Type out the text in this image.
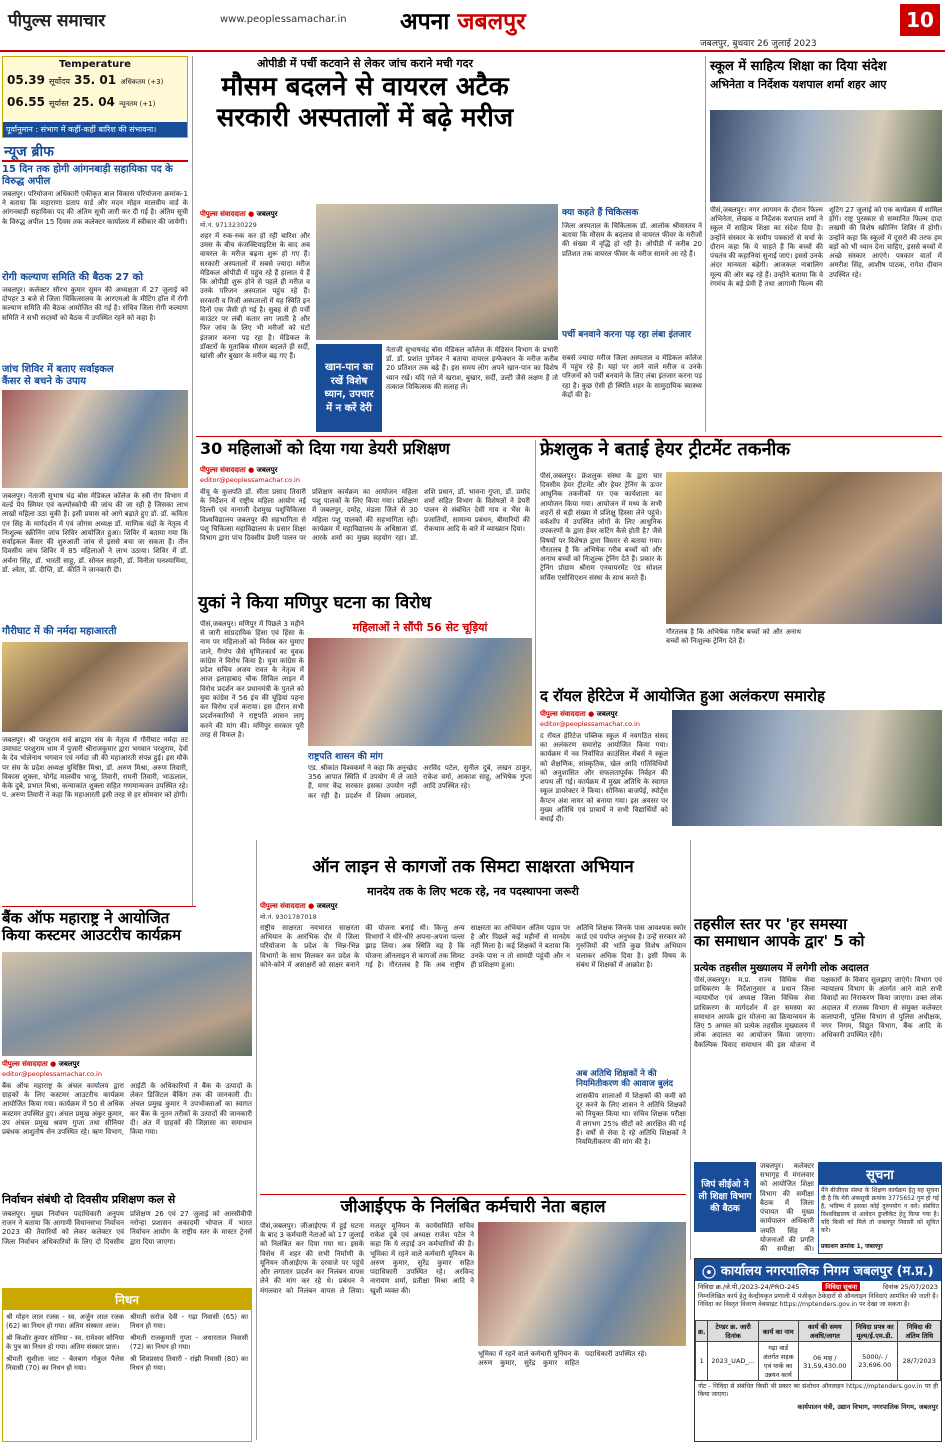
पीपुल्स समाचार	www.peoplessamachar.in अपना जबलपुर	10
जबलपुर, बुधवार 26 जुलाई 2023
Temperature
05.39 सूर्योदय 35. 01 अधिकतम (+3)
06.55 सूर्यास्त 25. 04 न्यूनतम (+1)
पूर्वानुमान : संभाग में कहीं-कहीं बारिश की संभावना।
न्यूज ब्रीफ
15 दिन तक होगी आंगनबाड़ी सहायिका पद के विरुद्ध अपील
जबलपुर। परियोजना अधिकारी एकीकृत बाल विकास परियोजना क्रमांक-1 ने बताया कि महाराणा प्रताप वार्ड और मदन मोहन मालवीय वार्ड के आंगनबाड़ी सहायिका पद की अंतिम सूची जारी कर दी गई है। अंतिम सूची के विरुद्ध अपील 15 दिवस तक कलेक्टर कार्यालय में स्वीकार की जायेगी।
रोगी कल्याण समिति की बैठक 27 को
जबलपुर। कलेक्टर सौरभ कुमार सुमन की अध्यक्षता में 27 जुलाई को दोपहर 3 बजे से जिला चिकित्सालय के आरएमओ के मीटिंग हॉल में रोगी कल्याण समिति की बैठक आयोजित की गई है। संचिव जिला रोगी कल्याण समिति ने सभी सदस्यों को बैठक में उपस्थित रहने को कहा है।
जांच शिविर में बताए सर्वाइकल
कैंसर से बचने के उपाय
जबलपुर। नेताजी सुभाष चंद्र बोस मेडिकल कॉलेज के स्त्री रोग विभाग में वर्ल्ड पेप स्मियर एवं कल्पोस्कोपी की जांच की जा रही है जिसका लाभ लाखों महिला उठा चुकी हैं। इसी प्रयास को आगे बढ़ाते हुए डॉ. डॉ. कविता एन सिंह के मार्गदर्शन में एवं जोगस अध्यक्ष डॉ. माणिक चंद्रों के नेतृत्व में निःशुल्क स्क्रीनिंग जांच शिविर आयोजित हुआ। शिविर में बताया गया कि सर्वाइकल कैंसर की शुरुआती जांच से इससे बचा जा सकता है। तीन दिवसीय जांच शिविर में 85 महिलाओं ने लाभ उठाया। शिविर में डॉ. अर्चना सिंह, डॉ. भारती साहू, डॉ. सोनल साहनी, डॉ. विनीता घनश्यामिया, डॉ. श्वेता, डॉ. दीप्ति, डॉ. कीर्ति ने जानकारी दी।
गौरीघाट में की नर्मदा महाआरती
जबलपुर। श्री परशुराम सर्व ब्राह्मण संघ के नेतृत्व में गौरीघाट नर्मदा तट उमाघाट परशुराम धाम में पुजारी श्रीराजकुमार द्वारा भगवान परशुराम, देवों के देव भोलेनाथ भगवान एवं नर्मदा जी की महाआरती संपन्न हुई। इस मौके पर संघ के प्रदेश अध्यक्ष युधिष्ठिर मिश्रा, डॉ. अरुण मिश्रा, अरुण तिवारी, विकास शुक्ला, योगेंद्र मालवीय भाजु, तिवारी, रामनी तिवारी, भाऊलाल, केके दुबे, प्रभात मिश्रा, कन्याकांत शुक्ला सहित गणमान्यजन उपस्थित रहे। पं. अरुण तिवारी ने कहा कि महाआरती इसी तरह से हर सोमवार को होगी।
ओपीडी में पर्ची कटवाने से लेकर जांच कराने मची गदर
मौसम बदलने से वायरल अटैक
सरकारी अस्पतालों में बढ़े मरीज
पीपुल्स संवाददाता ● जबलपुर
मो.नं. 9713230229
शहर में रुक-रुक कर हो रही बारिश और उमस के बीच कंजक्टिवाइटिस के बाद अब वायरल के मरीज बढ़ना शुरू हो गए हैं। सरकारी अस्पतालों में सबसे ज्यादा मरीज मेडिकल ओपीडी में पहुंच रहे हैं हालात ये हैं कि ओपीडी शुरू होने से पहले ही मरीज व उनके परिजन अस्पताल पहुंच रहे हैं। सरकारी व निजी अस्पतालों में यह स्थिति इन दिनों एक जैसी हो गई है। सुबह से ही पर्ची काउंटर पर लंबी कतार लग जाती है और फिर जांच के लिए भी मरीजों को घंटों इंतजार करना पड़ रहा है। मेडिकल के डॉक्टरों के मुताबिक मौसम बदलते ही सर्दी, खांसी और बुखार के मरीज बढ़ गए हैं।
खान-पान का रखें विशेष ध्यान, उपचार में न करें देरी
नेताजी सुभाषचंद्र बोस मेडिकल कॉलेज के मेडिसन विभाग के प्रभारी डॉ. डॉ. प्रशांत पुणेकर ने बताया वायरल इन्फेक्शन के मरीज करीब 20 प्रतिशत तक बढ़े हैं। इस समय लोग अपने खान-पान का विशेष ध्यान रखें। यदि गले में खराश, बुखार, सर्दी, उल्टी जैसे लक्षण हैं तो तत्काल चिकित्सक की सलाह लें।
क्या कहते हैं चिकित्सक
जिला अस्पताल के चिकित्सक डॉ. आलोक श्रीवास्तव ने बताया कि मौसम के बदलाव से वायरल फीवर के मरीजों की संख्या में वृद्धि हो रही है। ओपीडी में करीब 20 प्रतिशत तक वायरल फीवर के मरीज सामने आ रहे हैं।
पर्ची बनवाने करना पड़ रहा लंबा इंतजार
सबसे ज्यादा मरीज जिला अस्पताल व मेडिकल कॉलेज में पहुंच रहे हैं। यहां पर आने वाले मरीज व उनके परिजनों को पर्ची बनवाने के लिए लंबा इंतजार करना पड़ रहा है। कुछ ऐसी ही स्थिति शहर के सामुदायिक स्वास्थ्य केंद्रों की है।
स्कूल में साहित्य शिक्षा का दिया संदेश
अभिनेता व निर्देशक यशपाल शर्मा शहर आए
पीसं,जबलपुर। नगर आगमन के दौरान फिल्म अभिनेता, लेखक व निर्देशक यशपाल शर्मा ने स्कूल में साहित्य शिक्षा का संदेश दिया है। उन्होंने संस्कार के समीप पत्रकारों से चर्चा के दौरान कहा कि ये चाहते हैं कि बच्चों की पंचतंत्र की कहानियां सुनाई जाएं। इससे उनके अंदर मानवता बढ़ेगी। आजकल नाबालिग मूल्य की ओर बढ़ रहे हैं। उन्होंने बताया कि वे रंगमंच के बड़े प्रेमी हैं तथा आगामी फिल्म की शूटिंग 27 जुलाई को एक कार्यक्रम में शामिल होंगे। राष्ट्र पुरस्कार से सम्मानित फिल्म दादा लखमी की विशेष स्क्रीनिंग शिविर में होगी। उन्होंने कहा कि स्कूलों में दूसरों की तरफ हम बड़ों को भी ध्यान देना चाहिए, इससे बच्चों में अच्छे संस्कार आएंगे। पत्रकार वार्ता में अमरीश सिंह, आशीष पाठक, रागेश दीवान उपस्थित रहे।
30 महिलाओं को दिया गया डेयरी प्रशिक्षण
पीपुल्स संवाददाता ● जबलपुर
editor@peoplessamachar.co.in
वीयू के कुलपति डॉ. सीता प्रसाद तिवारी के निर्देशन में राष्ट्रीय महिला आयोग नई दिल्ली एवं नानाजी देशमुख पशुचिकित्सा विश्वविद्यालय जबलपुर की सहभागिता से पशु चिकित्सा महाविद्यालय के प्रसार शिक्षा विभाग द्वारा पांच दिवसीय डेयरी पालन पर प्रशिक्षण कार्यक्रम का आयोजन महिला पशु पालकों के लिए किया गया। प्रशिक्षण में जबलपुर, दमोह, मंडला जिले से 30 महिला पशु पालकों की सहभागिता रही। कार्यक्रम में महाविद्यालय के अधिष्ठाता डॉ. आरके शर्मा का मुख्य सहयोग रहा। डॉ. शशि प्रधान, डॉ. भावना गुप्ता, डॉ. प्रमोद शर्मा सहित विभाग के विशेषज्ञों ने डेयरी पालन से संबंधित देसी गाय व भैंस के प्रजातियों, सामान्य प्रबंधन, बीमारियों की रोकथाम आदि के बारे में व्याख्यान दिया।
युकां ने किया मणिपुर घटना का विरोध
पीसं,जबलपुर। मणिपुर में पिछले 3 महीने से जारी सांप्रदायिक हिंसा एवं हिंसा के नाम पर महिलाओं को निर्वस्त्र कर घुमाए जाने, गैंगरेप जैसे घृणितकार्य का युवक कांग्रेस ने विरोध किया है। युवा कांग्रेस के प्रदेश सचिव अजय रावत के नेतृत्व में आज इलाहाबाद चौक सिविल लाइन में विरोध प्रदर्शन कर प्रधानमंत्री के पुतले को युवा कांग्रेस ने 56 इंच की चूड़ियां पहना कर विरोध दर्ज कराया। इस दौरान सभी प्रदर्शनकारियों ने राष्ट्रपति शासन लागू करने की मांग की। मणिपुर सरकार पूरी तरह से विफल है।
महिलाओं ने सौंपी 56 सेट चूड़ियां
राष्ट्रपति शासन की मांग
एड. श्रीकांत विश्वकर्मा ने कहा कि अनुच्छेद 356 आपात स्थिति में उपयोग में ले जाते हैं, मगर केंद्र सरकार इसका उपयोग नहीं कर रही है। प्रदर्शन में शिवम अग्रवाल, अरविंद पटेल, सुनील दुबे, लखन ठाकुर, राकेश वर्मा, आकाश साहू, अभिषेक गुप्ता आदि उपस्थित रहे।
फ्रेशलुक ने बताई हेयर ट्रीटमेंट तकनीक
पीसं,जबलपुर। फ्रेशलुक संस्था के द्वारा चार दिवसीय हेयर ट्रीटमेंट और हेयर ट्रेनिंग के ऊपर आधुनिक तकनीकों पर एक कार्यशाला का आयोजन किया गया। आयोजन में मध्य के सभी शहरों से बड़ी संख्या में प्रशिक्षु हिस्सा लेने पहुंचे। वर्कशॉप में उपस्थित लोगों के लिए आधुनिक उपकरणों के द्वारा हेयर कटिंग कैसे होती है? जैसे विषयों पर विशेषज्ञ द्वारा विस्तार से बताया गया। गौरतलब है कि अभिषेक गरीब बच्चों को और अनाथ बच्चों को निःशुल्क ट्रेनिंग देते हैं। प्रकार के ट्रेनिंग प्रोग्राम श्रीराम एनवायरमेंट एंड सोशल सर्विस एसोसिएशन संस्था के साथ करते हैं।
गौरतलब है कि अभिषेक गरीब बच्चों को और अनाथ बच्चों को निःशुल्क ट्रेनिंग देते हैं।
द रॉयल हेरिटेज में आयोजित हुआ अलंकरण समारोह
पीपुल्स संवाददाता ● जबलपुर
editor@peoplessamachar.co.in
द रॉयल हेरिटेज पब्लिक स्कूल में नवगठित संसद का अलंकरण समारोह आयोजित किया गया। कार्यक्रम में नव निर्वाचित काउंसिल मेंबर्स ने स्कूल को शैक्षणिक, सांस्कृतिक, खेल आदि गतिविधियों को अनुशासित और सफलतापूर्वक निर्वहन की शपथ ली गई। कार्यक्रम में मुख्य अतिथि के स्वागत स्कूल डायरेक्टर ने किया। सोनिका बाजपेई, स्पोर्ट्स कैप्टन अंश नायर को बनाया गया। इस अवसर पर मुख्य अतिथि एवं प्राचार्य ने सभी विद्यार्थियों को बधाई दी।
बैंक ऑफ महाराष्ट्र ने आयोजित
किया कस्टमर आउटरीच कार्यक्रम
पीपुल्स संवाददाता ● जबलपुर
editor@peoplessamachar.co.in
बैंक ऑफ महाराष्ट्र के अंचल कार्यालय द्वारा ग्राहकों के लिए कस्टमर आउटरीच कार्यक्रम आयोजित किया गया। कार्यक्रम में 50 से अधिक कस्टमर उपस्थित हुए। अंचल प्रमुख अंकुर कुमार, उप अंचल प्रमुख श्रवण गुप्ता तथा सीनियर प्रबंधक आशुतोष सेन उपस्थित रहे। ऋण विभाग, आईटी के अधिकारियों ने बैंक के उत्पादों के लेकर डिजिटल बैंकिंग तक की जानकारी दी। अंचल प्रमुख कुमार ने उपभोक्ताओं का स्वागत कर बैंक के नूतन तरीकों के उत्पादों की जानकारी दी। अंत में ग्राहकों की जिज्ञासा का समाधान किया गया।
निर्वाचन संबंधी दो दिवसीय प्रशिक्षण कल से
जबलपुर। मुख्य निर्वाचन पदाधिकारी अनुपम राजन ने बताया कि आगामी विधानसभा निर्वाचन 2023 की तैयारियों को लेकर कलेक्टर एवं जिला निर्वाचन अधिकारियों के लिए दो दिवसीय प्रशिक्षण 26 एवं 27 जुलाई को आरसीवीपी नरोन्हा प्रशासन अकादमी भोपाल में भारत निर्वाचन आयोग के राष्ट्रीय स्तर के मास्टर ट्रेनर्स द्वारा दिया जाएगा।
निधन
श्री मोहन लाल रजक - स्व. अर्जुन लाल रजक (62) का निधन हो गया। अंतिम संस्कार आज।
श्री किशोर कुमार सोनिया - स्व. रामेश्वर सोनिया के पुत्र का निधन हो गया। अंतिम संस्कार प्रातः।
श्रीमती सुशीला जाट - बेलबाग गोकुल पैलेस निवासी (70) का निधन हो गया।
श्रीमती सरोज देवी - गढ़ा निवासी (65) का निधन हो गया।
श्रीमती राजकुमारी गुप्ता - अधारताल निवासी (72) का निधन हो गया।
श्री शिवप्रसाद तिवारी - रांझी निवासी (80) का निधन हो गया।
ऑन लाइन से कागजों तक सिमटा साक्षरता अभियान
मानदेय तक के लिए भटक रहे, नव पदस्थापना जरूरी
पीपुल्स संवाददाता ● जबलपुर
मो.नं. 9301787018
राष्ट्रीय साक्षरता नवभारत साक्षरता अभियान के आरंभिक दौर में जिला परियोजना के प्रदेश के भिन्न-भिन्न विभागों के साथ मिलकर कर प्रदेश के कोने-कोने में असाक्षरों को साक्षर बनाने की योजना बनाई थी। किन्तु अन्य विभागों ने धीरे-धीरे अपना-अपना पल्ला झाड़ लिया। अब स्थिति यह है कि योजना ऑनलाइन से कागजों तक सिमट गई है। गौरतलब है कि अब राष्ट्रीय साक्षरता का अभियान अंतिम पड़ाव पर है और पिछले कई महीनों से मानदेय नहीं मिला है। कई शिक्षकों ने बताया कि उनके पास न तो सामग्री पहुंची और न ही प्रशिक्षण हुआ।
अब अतिथि शिक्षकों ने की नियमितीकरण की आवाज बुलंद
शासकीय शालाओं में शिक्षकों की कमी को दूर करने के लिए शासन ने अतिथि शिक्षकों को नियुक्त किया था। सचिव शिक्षक परीक्षा में लगभग 25% सीटों को आरक्षित की गई हैं। वर्षों से सेवा दे रहे अतिथि शिक्षकों ने नियमितीकरण की मांग की है।
अतिथि शिक्षक जिनके पास आवश्यक स्कोर कार्ड एवं पर्याप्त अनुभव है। उन्हें सरकार को गुरुजियों की भांति कुछ विशेष अभियान चलाकर अधिक दिया है। इसी विषय के संबंध में शिक्षकों में आक्रोश है।
तहसील स्तर पर 'हर समस्या
का समाधान आपके द्वार' 5 को
प्रत्येक तहसील मुख्यालय में लगेगी लोक अदालत
पीसं,जबलपुर। म.प्र. राज्य विधिक सेवा प्राधिकरण के निर्देशानुसार व प्रधान जिला न्यायाधीश एवं अध्यक्ष जिला विधिक सेवा प्राधिकरण के मार्गदर्शन में हर समस्या का समाधान आपके द्वार योजना का क्रियान्वयन के लिए 5 अगस्त को प्रत्येक तहसील मुख्यालय में लोक अदालत का आयोजन किया जाएगा। वैकल्पिक विवाद समाधान की इस योजना में पक्षकारों के विवाद सुलझाए जाएंगे। विभाग एवं न्यायालय विभाग के अंतर्गत आने वाले सभी विवादों का निराकरण किया जाएगा। उक्त लोक अदालत में राजस्व विभाग से संयुक्त कलेक्टर कलापानी, पुलिस विभाग से पुलिस अधीक्षक, नगर निगम, विद्युत विभाग, बैंक आदि के अधिकारी उपस्थित रहेंगे।
सूचना
मैंने बीजीएस संस्था के शिक्षण कार्यक्रम हेतु यह सूचना दी है कि मेरी अंकसूची क्रमांक 3775652 गुम हो गई है, भविष्य में इसका कोई दुरुपयोग न करे। संबंधित विश्वविद्यालय से आवेदन डुप्लीकेट हेतु किया गया है। यदि किसी को मिले तो जबलपुर निवासी को सूचित करें।
प्रकाशन क्रमांक 1, जबलपुर
जीआईएफ के निलंबित कर्मचारी नेता बहाल
पीसं,जबलपुर। जीआईएफ में हुई घटना के बाद 3 कर्मचारी नेताओं को 17 जुलाई को निलंबित कर दिया गया था। इसके विरोध में शहर की सभी निर्माणी के यूनियन जीआईएफ के दरवाजे पर पहुंचे और लगातार प्रदर्शन कर निलंबन वापस लेने की मांग कर रहे थे। प्रबंधन ने मंगलवार को निलंबन वापस ले लिया। मजदूर यूनियन के कार्यसमिति सचिव राकेश दुबे एवं अध्यक्ष राजेश पटेल ने कहा कि ये लड़ाई उन कर्मचारियों की है। भूमिका में रहने वाले कर्मचारी यूनियन के अरुण कुमार, सुरेंद्र कुमार सहित पदाधिकारी उपस्थित रहे। अरविन्द नारायण शर्मा, प्रतीक्षा मिश्रा आदि ने खुशी व्यक्त की।
भूमिका में रहने वाले कर्मचारी यूनियन के अरुण कुमार, सुरेंद्र कुमार सहित पदाधिकारी उपस्थित रहे।
जिपं सीईओ ने ली शिक्षा विभाग की बैठक
जबलपुर। कलेक्टर सभागृह में मंगलवार को आयोजित शिक्षा विभाग की समीक्षा बैठक में जिला पंचायत की मुख्य कार्यपालन अधिकारी जयति सिंह ने योजनाओं की प्रगति की समीक्षा की।
कार्यालय नगरपालिक निगम जबलपुर (म.प्र.)
निविदा क्र./जे.पी./2023-24/PRO-245	निविदा सूचना	दिनांक 25/07/2023
निम्नलिखित कार्य हेतु केन्द्रीयकृत प्रणाली में पंजीकृत ठेकेदारों से ऑनलाइन निविदाएं आमंत्रित की जाती हैं। निविदा का विस्तृत विवरण वेबसाइट https://mptenders.gov.in पर देखा जा सकता है।
क्र.	टेण्डर क्र. जारी दिनांक	कार्य का नाम	कार्य की समय अवधि/लागत	निविदा प्रपत्र का मूल्य/ई.एम.डी.	निविदा की अंतिम तिथि
1	2023_UAD_...	गढ़ा वार्ड अंतर्गत सड़क एवं पार्क का उन्नयन कार्य	06 माह / 31,59,430.00	5000/- / 23,696.00	28/7/2023
नोट - निविदा से संबंधित किसी भी प्रकार का संशोधन ऑनलाइन https://mptenders.gov.in पर ही किया जाएगा।
कार्यपालन यंत्री, उद्यान विभाग, नगरपालिक निगम, जबलपुर
